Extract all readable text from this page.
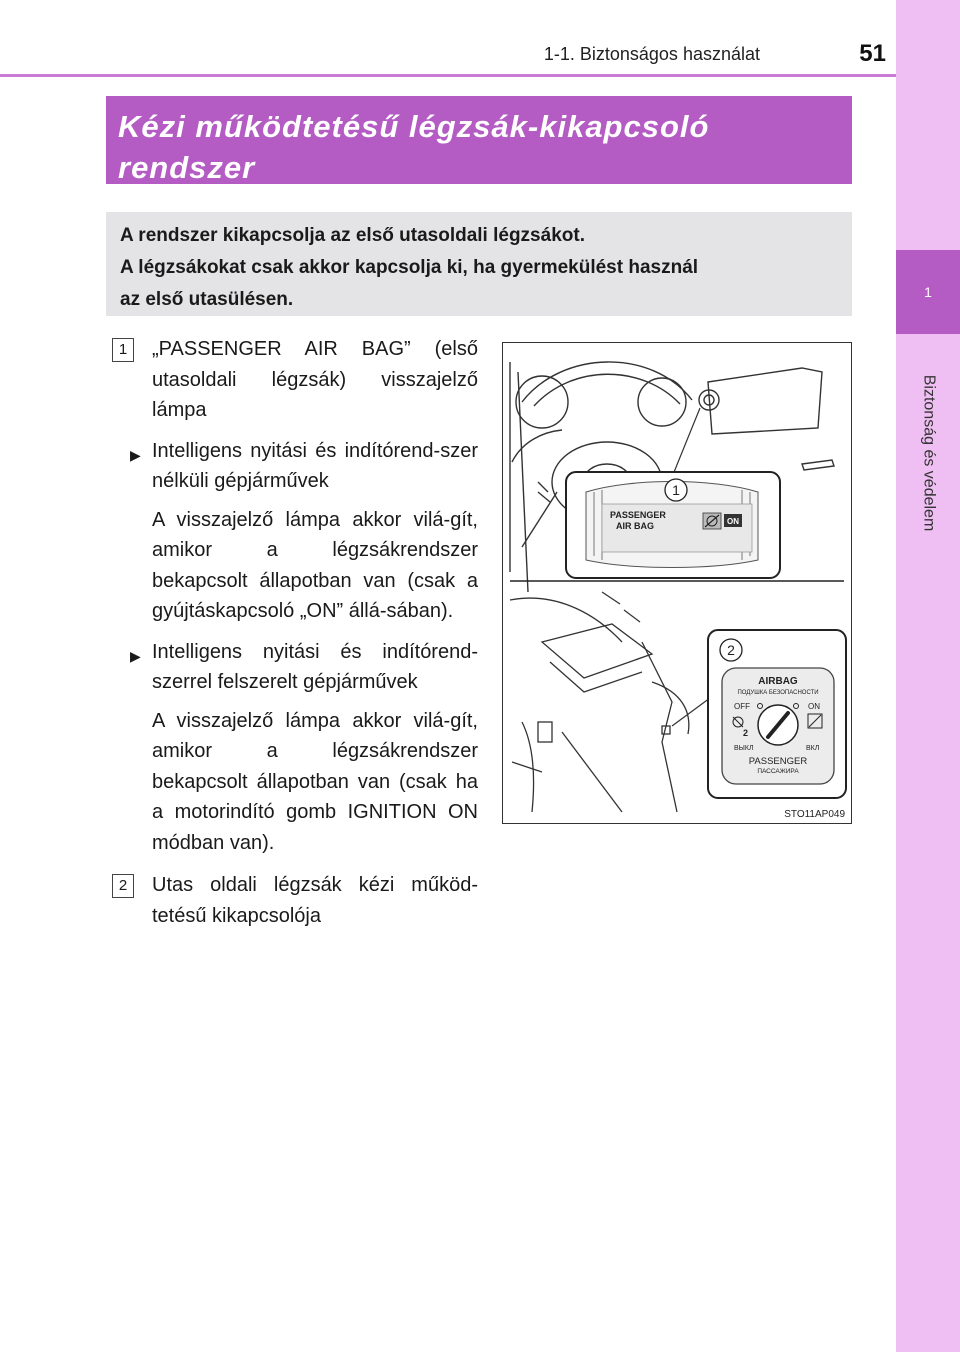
1-1. Biztonságos használat	51
1
Biztonság és védelem
Kézi működtetésű légzsák-kikapcsoló
rendszer

A rendszer kikapcsolja az első utasoldali légzsákot.
A légzsákokat csak akkor kapcsolja ki, ha gyermekülést használ
az első utasülésen.

1	„PASSENGER AIR BAG” (első utasoldali légzsák) visszajelző lámpa

▶ Intelligens nyitási és indítórend-szer nélküli gépjárművek

A visszajelző lámpa akkor vilá-gít, amikor a légzsákrendszer bekapcsolt állapotban van (csak a gyújtáskapcsoló „ON” állá-sában).

▶ Intelligens nyitási és indítórend-szerrel felszerelt gépjárművek

A visszajelző lámpa akkor vilá-gít, amikor a légzsákrendszer bekapcsolt állapotban van (csak ha a motorindító gomb IGNITION ON módban van).

2	Utas oldali légzsák kézi működ-tetésű kikapcsolója

1
PASSENGER
AIR BAG	ON
2
AIRBAG
ПОДУШКА БЕЗОПАСНОСТИ
OFF	ON
2
ВЫКЛ	ВКЛ
PASSENGER
ПАССАЖИРА
STO11AP049
